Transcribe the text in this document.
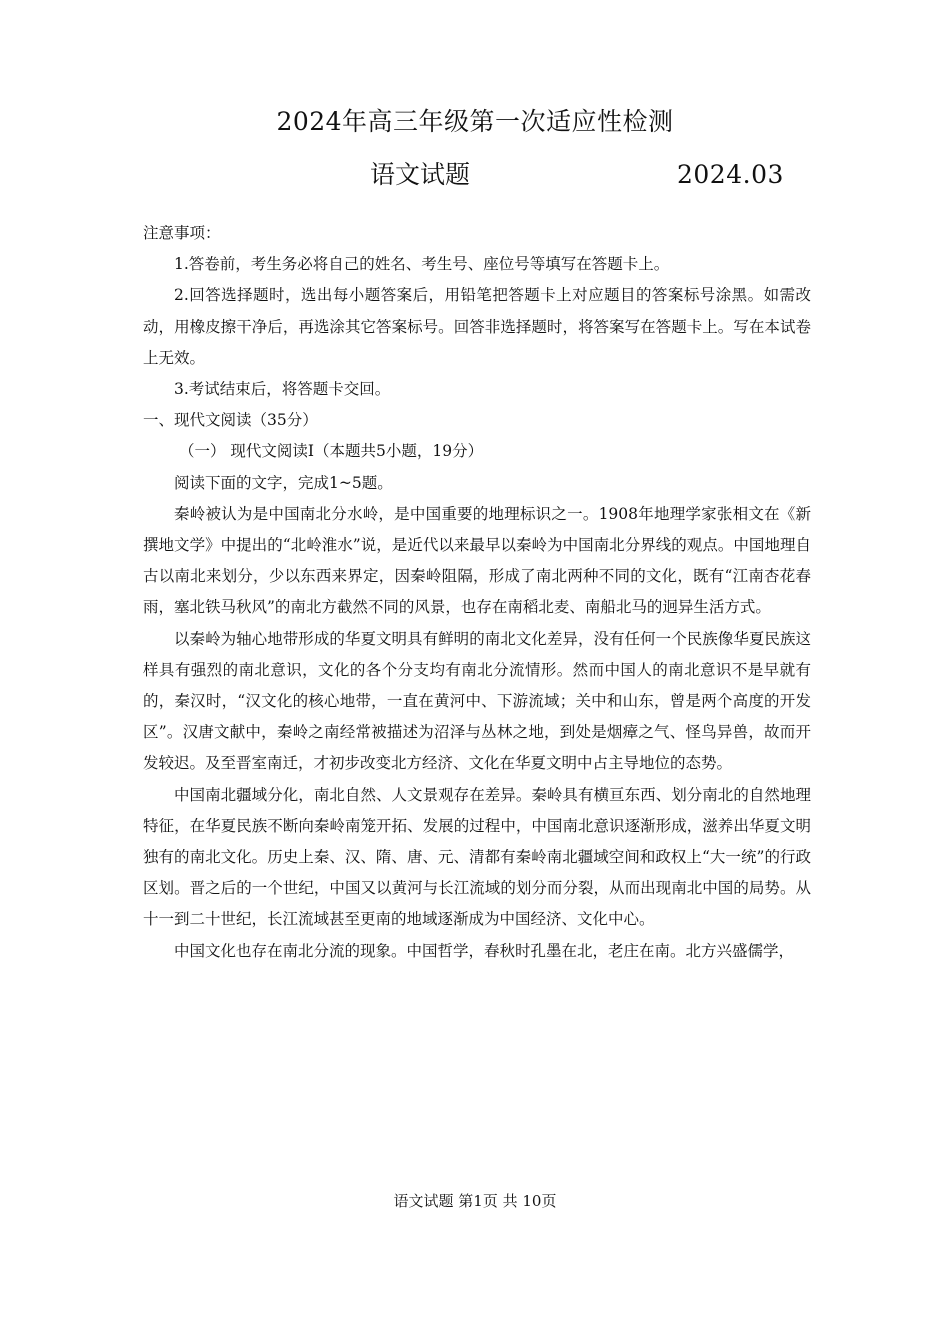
2024年高三年级第一次适应性检测
语文试题	2024.03

注意事项：

1.答卷前，考生务必将自己的姓名、考生号、座位号等填写在答题卡上。

2.回答选择题时，选出每小题答案后，用铅笔把答题卡上对应题目的答案标号涂黑。如需改动，用橡皮擦干净后，再选涂其它答案标号。回答非选择题时，将答案写在答题卡上。写在本试卷上无效。

3.考试结束后，将答题卡交回。

一、现代文阅读（35分）

（一） 现代文阅读Ⅰ（本题共5小题，19分）

阅读下面的文字，完成1~5题。

秦岭被认为是中国南北分水岭，是中国重要的地理标识之一。1908年地理学家张相文在《新撰地文学》中提出的“北岭淮水”说，是近代以来最早以秦岭为中国南北分界线的观点。中国地理自古以南北来划分，少以东西来界定，因秦岭阻隔，形成了南北两种不同的文化，既有“江南杏花春雨，塞北铁马秋风”的南北方截然不同的风景，也存在南稻北麦、南船北马的迥异生活方式。

以秦岭为轴心地带形成的华夏文明具有鲜明的南北文化差异，没有任何一个民族像华夏民族这样具有强烈的南北意识，文化的各个分支均有南北分流情形。然而中国人的南北意识不是早就有的，秦汉时，“汉文化的核心地带，一直在黄河中、下游流域；关中和山东，曾是两个高度的开发区”。汉唐文献中，秦岭之南经常被描述为沼泽与丛林之地，到处是烟瘴之气、怪鸟异兽，故而开发较迟。及至晋室南迁，才初步改变北方经济、文化在华夏文明中占主导地位的态势。

中国南北疆域分化，南北自然、人文景观存在差异。秦岭具有横亘东西、划分南北的自然地理特征，在华夏民族不断向秦岭南笼开拓、发展的过程中，中国南北意识逐渐形成，滋养出华夏文明独有的南北文化。历史上秦、汉、隋、唐、元、清都有秦岭南北疆域空间和政权上“大一统”的行政区划。晋之后的一个世纪，中国又以黄河与长江流域的划分而分裂，从而出现南北中国的局势。从十一到二十世纪，长江流域甚至更南的地域逐渐成为中国经济、文化中心。

中国文化也存在南北分流的现象。中国哲学，春秋时孔墨在北，老庄在南。北方兴盛儒学，

语文试题 第1页 共 10页
